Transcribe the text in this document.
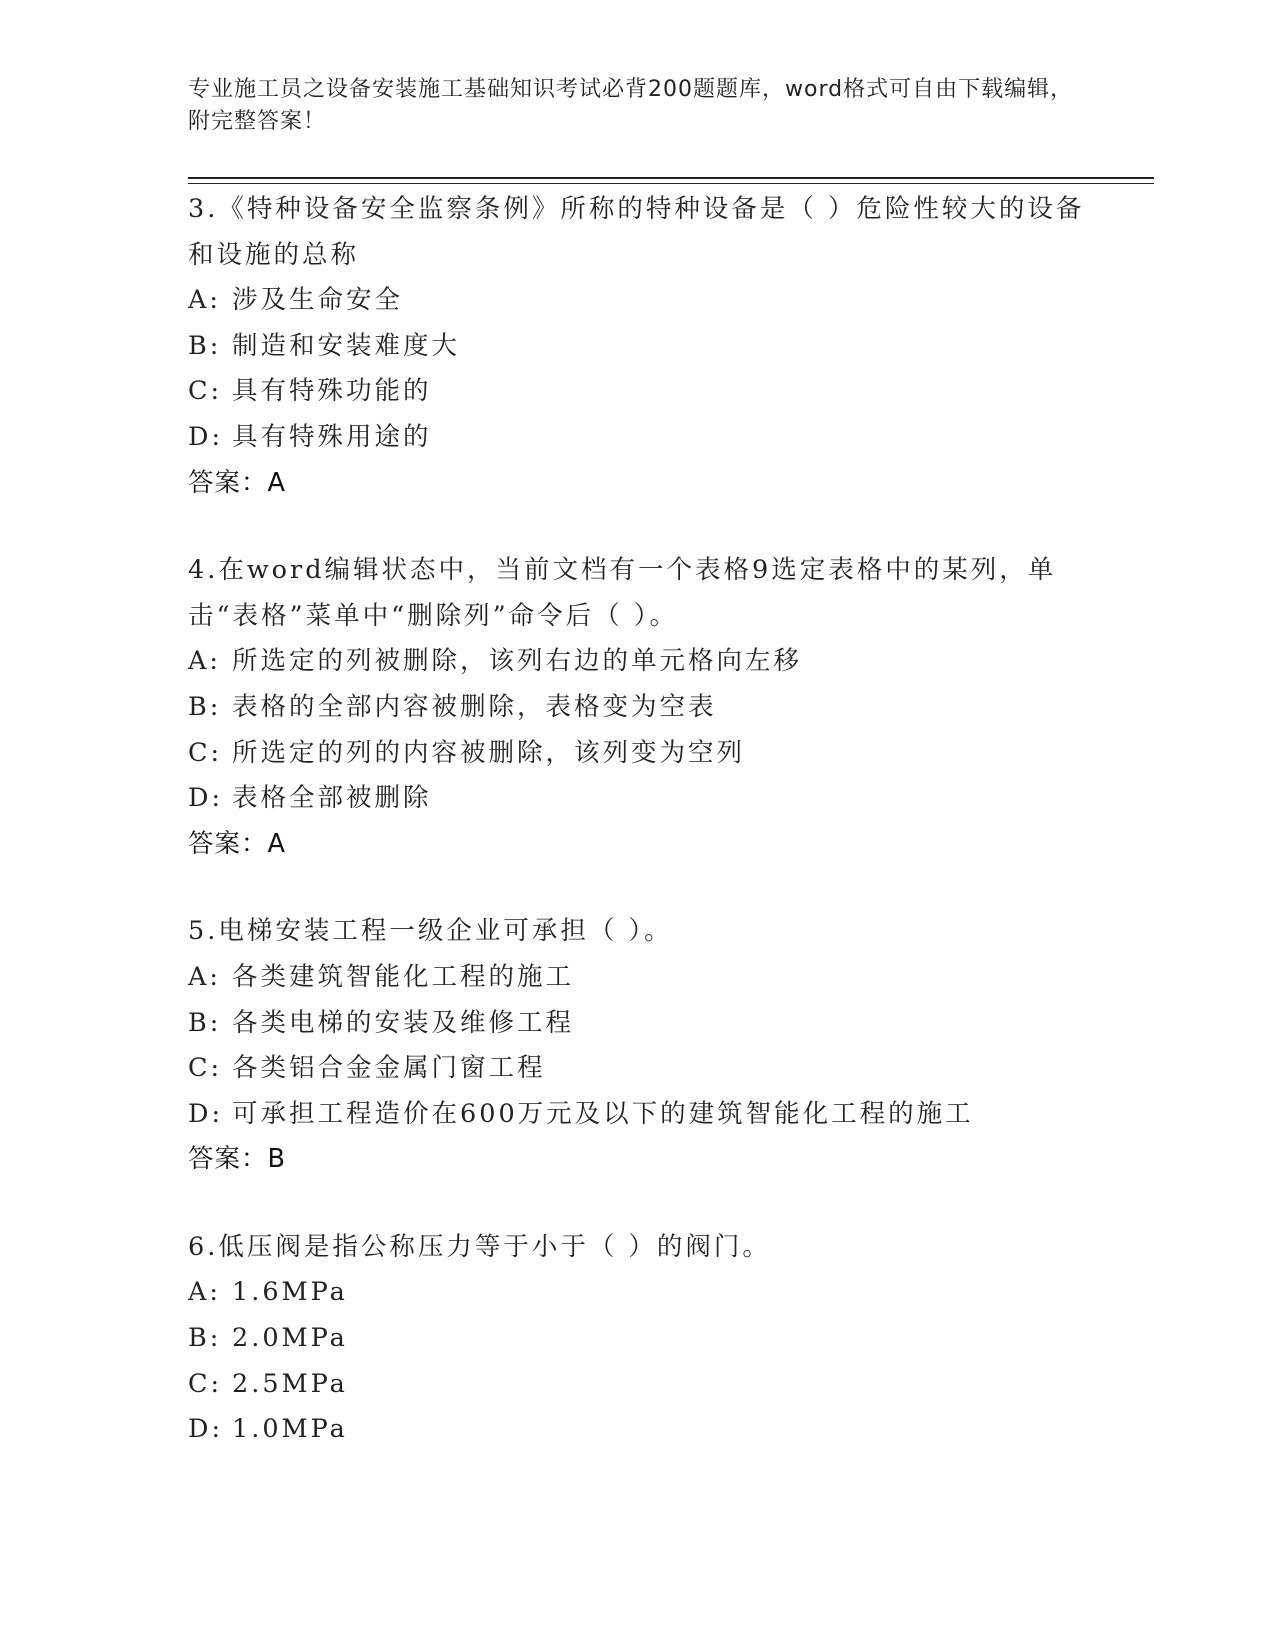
专业施工员之设备安装施工基础知识考试必背200题题库，word格式可自由下载编辑，附完整答案！
3.《特种设备安全监察条例》所称的特种设备是（ ）危险性较大的设备和设施的总称
A: 涉及生命安全
B: 制造和安装难度大
C: 具有特殊功能的
D: 具有特殊用途的
答案：A
4.在word编辑状态中，当前文档有一个表格9选定表格中的某列，单击“表格”菜单中“删除列”命令后（ ）。
A: 所选定的列被删除，该列右边的单元格向左移
B: 表格的全部内容被删除，表格变为空表
C: 所选定的列的内容被删除，该列变为空列
D: 表格全部被删除
答案：A
5.电梯安装工程一级企业可承担（ ）。
A: 各类建筑智能化工程的施工
B: 各类电梯的安装及维修工程
C: 各类铝合金金属门窗工程
D: 可承担工程造价在600万元及以下的建筑智能化工程的施工
答案：B
6.低压阀是指公称压力等于小于（ ）的阀门。
A: 1.6MPa
B: 2.0MPa
C: 2.5MPa
D: 1.0MPa
